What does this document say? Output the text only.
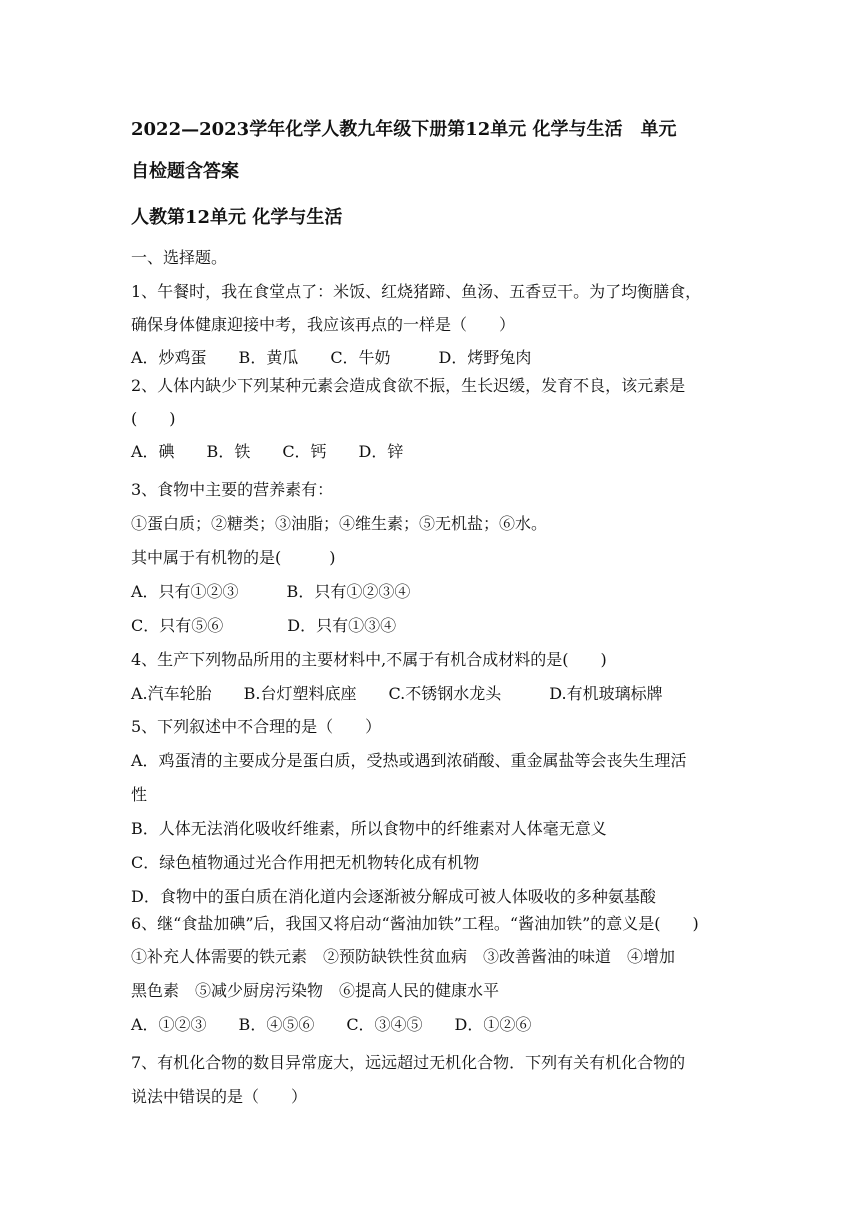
2022—2023学年化学人教九年级下册第12单元 化学与生活　单元
自检题含答案
人教第12单元 化学与生活
一、选择题。
1、午餐时，我在食堂点了：米饭、红烧猪蹄、鱼汤、五香豆干。为了均衡膳食，
确保身体健康迎接中考，我应该再点的一样是（　　）
A．炒鸡蛋　　B．黄瓜　　C．牛奶　　　D．烤野兔肉
2、人体内缺少下列某种元素会造成食欲不振，生长迟缓，发育不良，该元素是
(　　)
A．碘　　B．铁　　C．钙　　D．锌
3、食物中主要的营养素有：
①蛋白质；②糖类；③油脂；④维生素；⑤无机盐；⑥水。
其中属于有机物的是(　　　)
A．只有①②③　　　B．只有①②③④
C．只有⑤⑥　　　　D．只有①③④
4、生产下列物品所用的主要材料中,不属于有机合成材料的是(　　)
A.汽车轮胎　　B.台灯塑料底座　　C.不锈钢水龙头　　　D.有机玻璃标牌
5、下列叙述中不合理的是（　　）
A．鸡蛋清的主要成分是蛋白质，受热或遇到浓硝酸、重金属盐等会丧失生理活
性
B．人体无法消化吸收纤维素，所以食物中的纤维素对人体毫无意义
C．绿色植物通过光合作用把无机物转化成有机物
D．食物中的蛋白质在消化道内会逐渐被分解成可被人体吸收的多种氨基酸
6、继“食盐加碘”后，我国又将启动“酱油加铁”工程。“酱油加铁”的意义是(　　)
①补充人体需要的铁元素　②预防缺铁性贫血病　③改善酱油的味道　④增加
黑色素　⑤减少厨房污染物　⑥提高人民的健康水平
A．①②③　　B．④⑤⑥　　C．③④⑤　　D．①②⑥
7、有机化合物的数目异常庞大，远远超过无机化合物．下列有关有机化合物的
说法中错误的是（　　）
